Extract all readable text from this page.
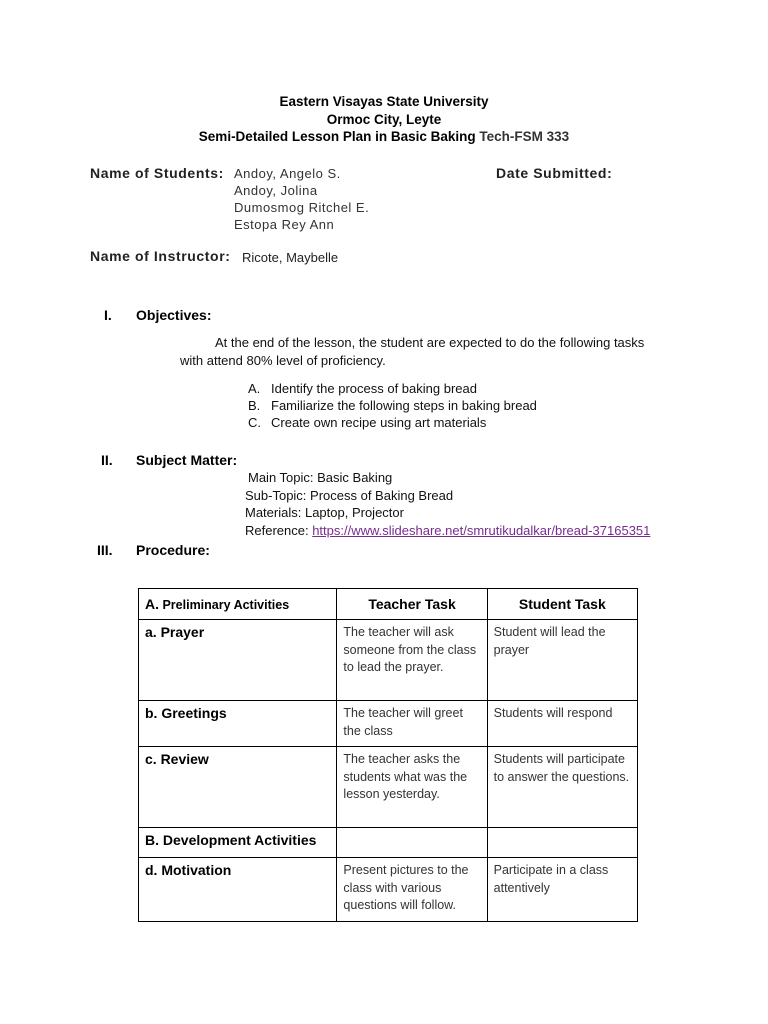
Eastern Visayas State University
Ormoc City, Leyte
Semi-Detailed Lesson Plan in Basic Baking Tech-FSM 333
Name of Students: Andoy, Angelo S.
Andoy, Jolina
Dumosmog Ritchel E.
Estopa Rey Ann
Date Submitted:
Name of Instructor: Ricote, Maybelle
I. Objectives:
At the end of the lesson, the student are expected to do the following tasks
with attend 80% level of proficiency.
A. Identify the process of baking bread
B. Familiarize the following steps in baking bread
C. Create own recipe using art materials
II. Subject Matter:
Main Topic: Basic Baking
Sub-Topic: Process of Baking Bread
Materials: Laptop, Projector
Reference: https://www.slideshare.net/smrutikudalkar/bread-37165351
III. Procedure:
A. Preliminary Activities	Teacher Task	Student Task
a. Prayer	The teacher will ask someone from the class to lead the prayer.	Student will lead the prayer
b. Greetings	The teacher will greet the class	Students will respond
c. Review	The teacher asks the students what was the lesson yesterday.	Students will participate to answer the questions.
B. Development Activities		
d. Motivation	Present pictures to the class with various questions will follow.	Participate in a class attentively
